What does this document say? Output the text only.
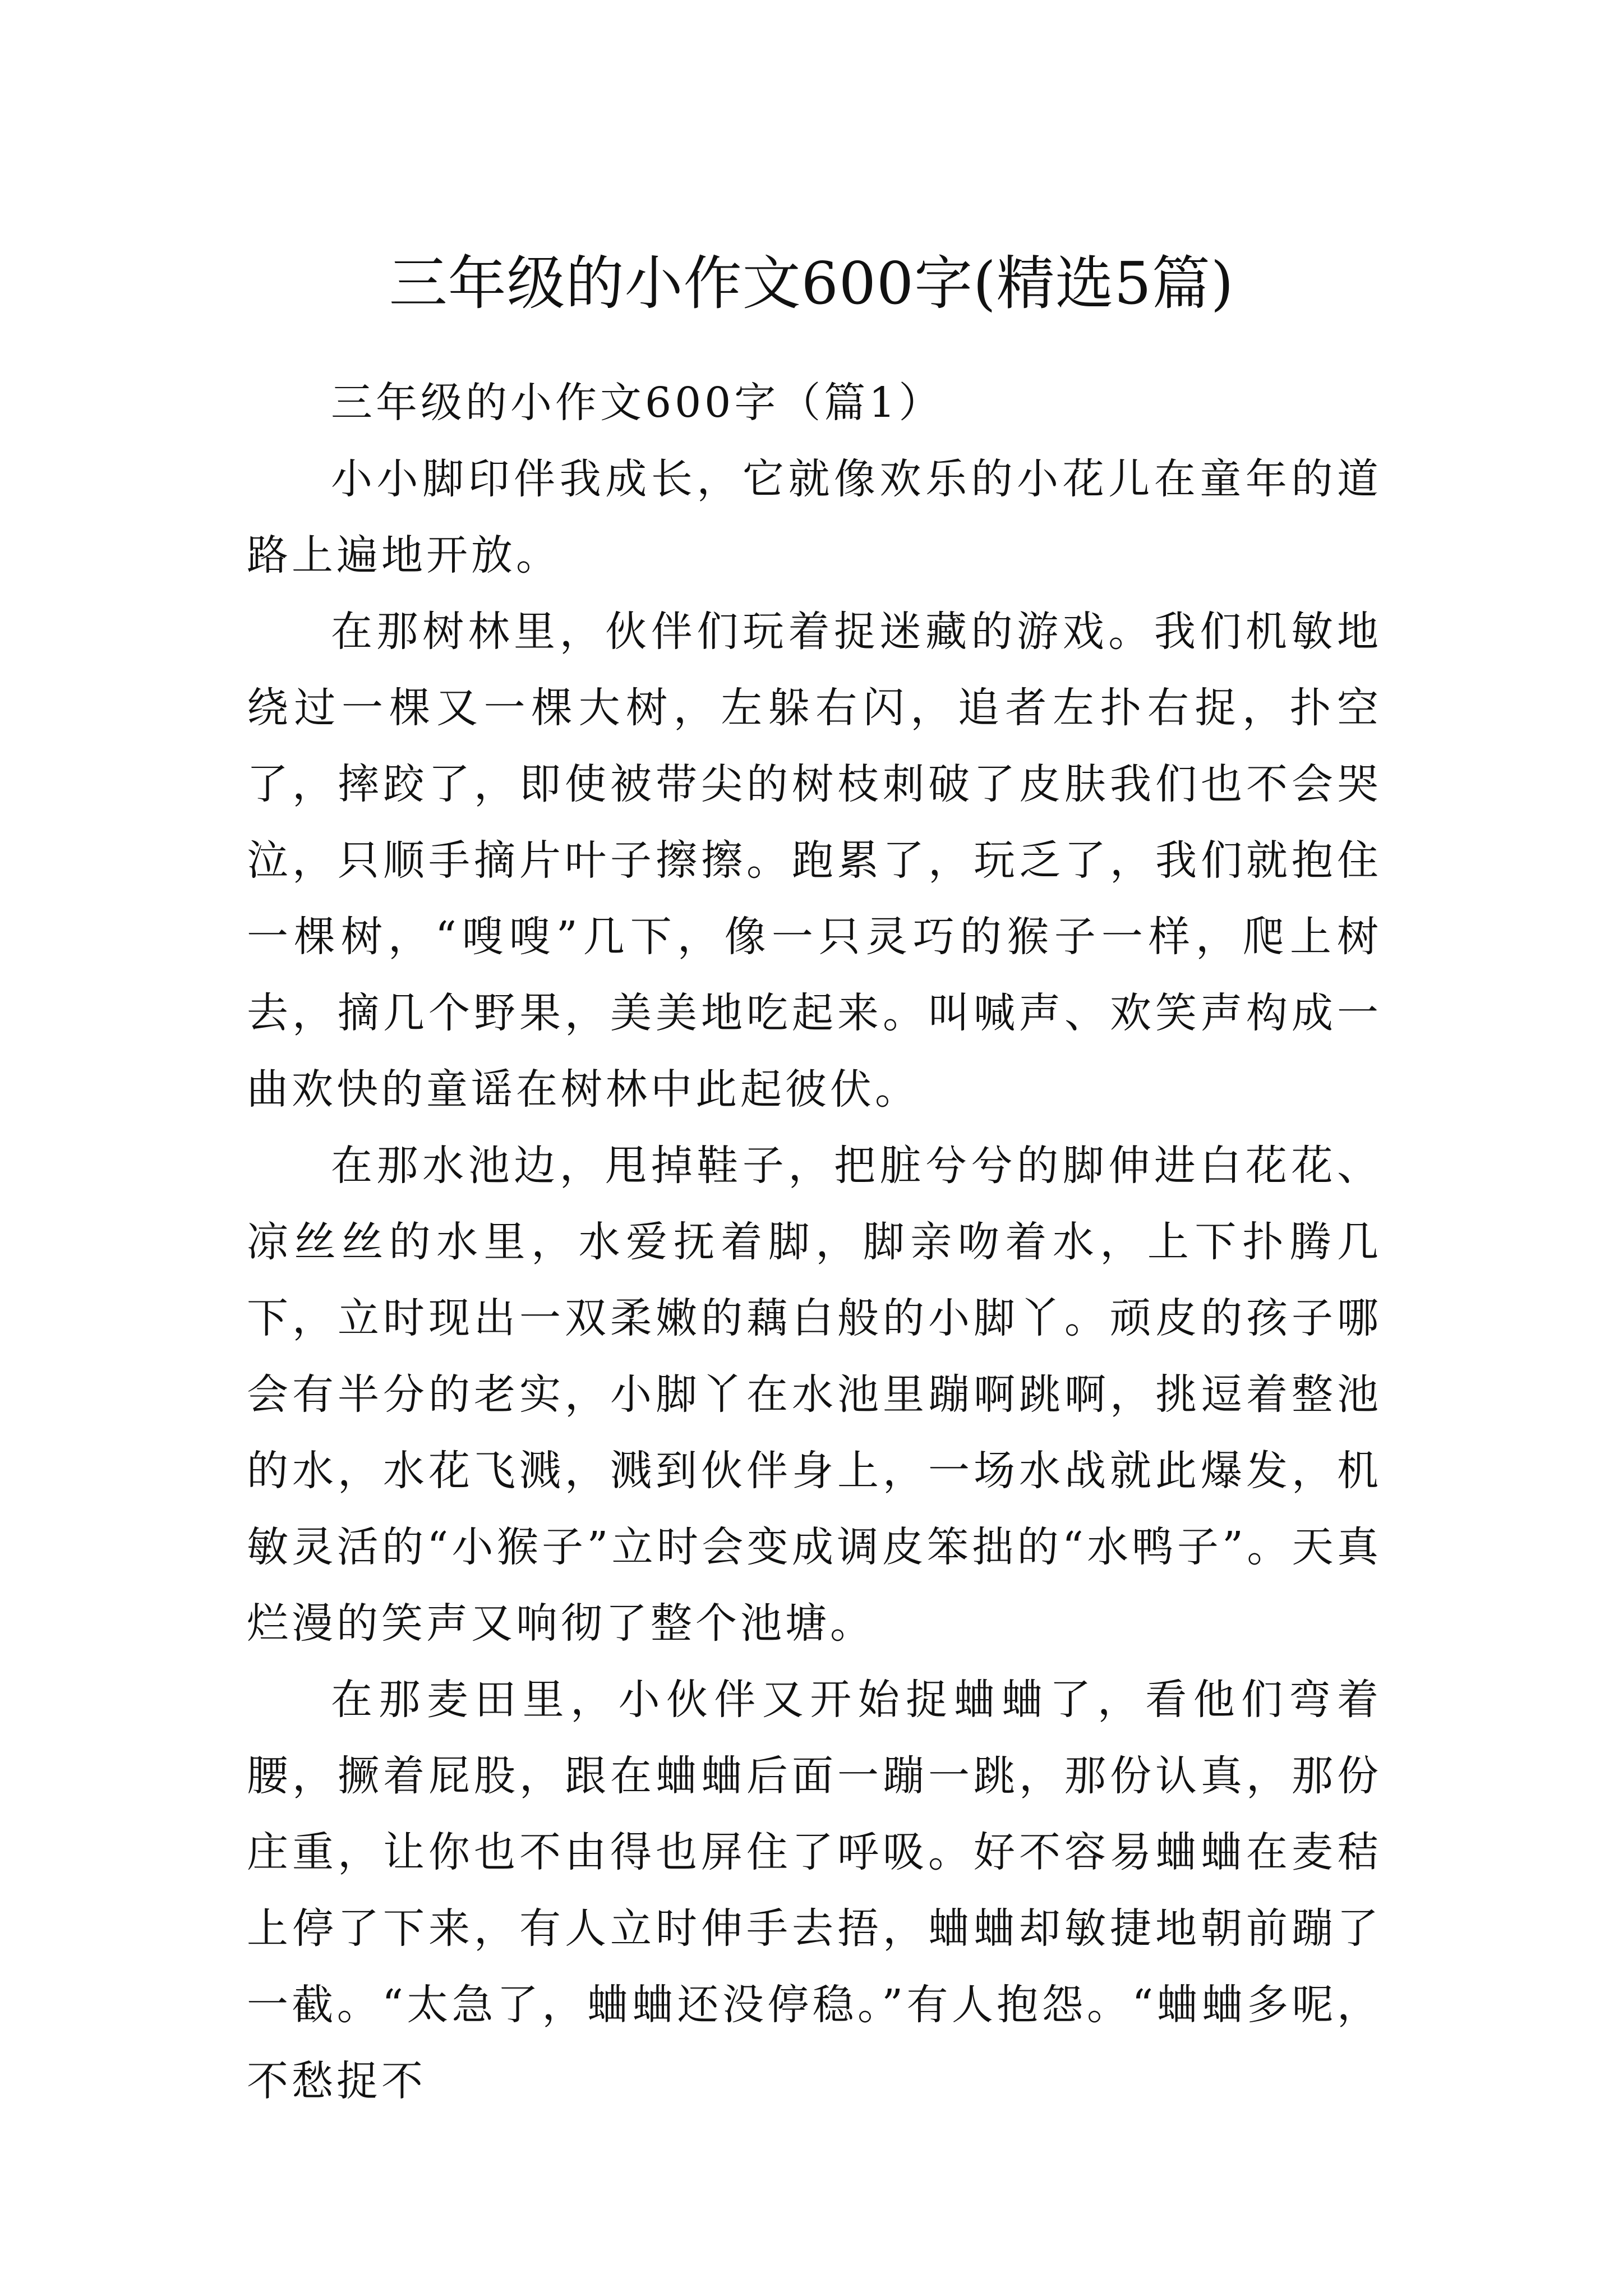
三年级的小作文600字(精选5篇)

三年级的小作文600字（篇1）

小小脚印伴我成长，它就像欢乐的小花儿在童年的道路上遍地开放。

在那树林里，伙伴们玩着捉迷藏的游戏。我们机敏地绕过一棵又一棵大树，左躲右闪，追者左扑右捉，扑空了，摔跤了，即使被带尖的树枝刺破了皮肤我们也不会哭泣，只顺手摘片叶子擦擦。跑累了，玩乏了，我们就抱住一棵树，“嗖嗖”几下，像一只灵巧的猴子一样，爬上树去，摘几个野果，美美地吃起来。叫喊声、欢笑声构成一曲欢快的童谣在树林中此起彼伏。

在那水池边，甩掉鞋子，把脏兮兮的脚伸进白花花、凉丝丝的水里，水爱抚着脚，脚亲吻着水，上下扑腾几下，立时现出一双柔嫩的藕白般的小脚丫。顽皮的孩子哪会有半分的老实，小脚丫在水池里蹦啊跳啊，挑逗着整池的水，水花飞溅，溅到伙伴身上，一场水战就此爆发，机敏灵活的“小猴子”立时会变成调皮笨拙的“水鸭子”。天真烂漫的笑声又响彻了整个池塘。

在那麦田里，小伙伴又开始捉蛐蛐了，看他们弯着腰，撅着屁股，跟在蛐蛐后面一蹦一跳，那份认真，那份庄重，让你也不由得也屏住了呼吸。好不容易蛐蛐在麦秸上停了下来，有人立时伸手去捂，蛐蛐却敏捷地朝前蹦了一截。“太急了，蛐蛐还没停稳。”有人抱怨。“蛐蛐多呢，不愁捉不
